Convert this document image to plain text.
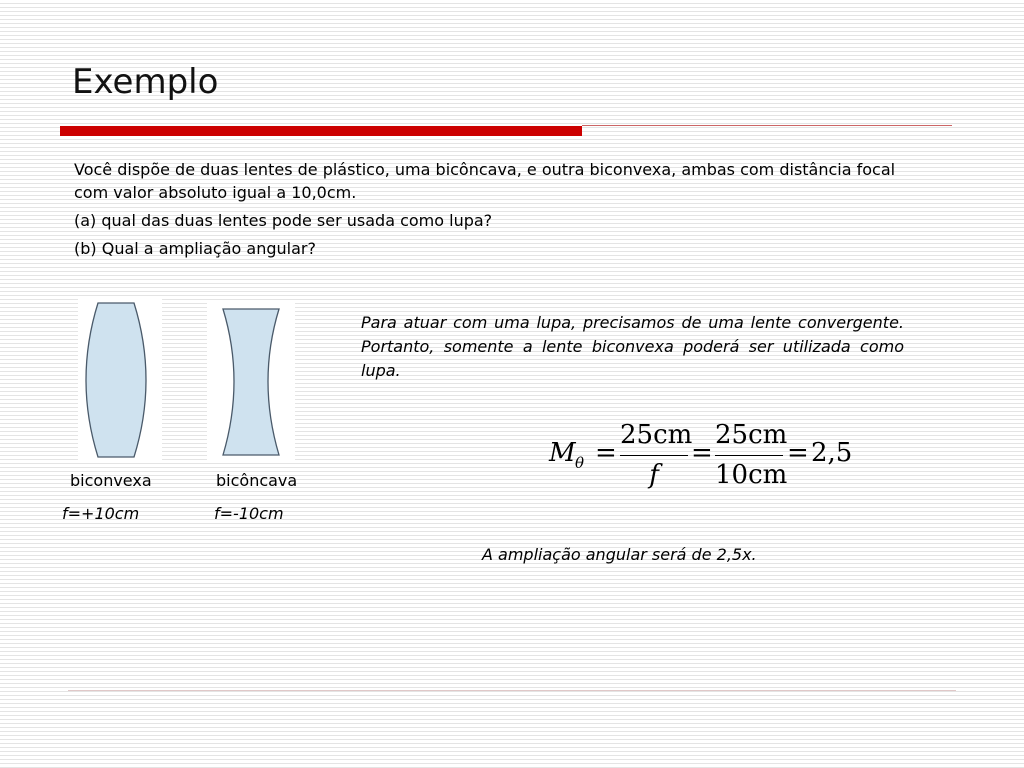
Exemplo

Você dispõe de duas lentes de plástico, uma bicôncava, e outra biconvexa, ambas com distância focal com valor absoluto igual a 10,0cm.

(a) qual das duas lentes pode ser usada como lupa?

(b) Qual a ampliação angular?

biconvexa	bicôncava
f=+10cm	f=-10cm
Para atuar com uma lupa, precisamos de uma lente convergente. Portanto, somente a lente biconvexa poderá ser utilizada como lupa.
M θ =
25cm
f
=
25cm
10cm
= 2,5
A ampliação angular será de 2,5x.
